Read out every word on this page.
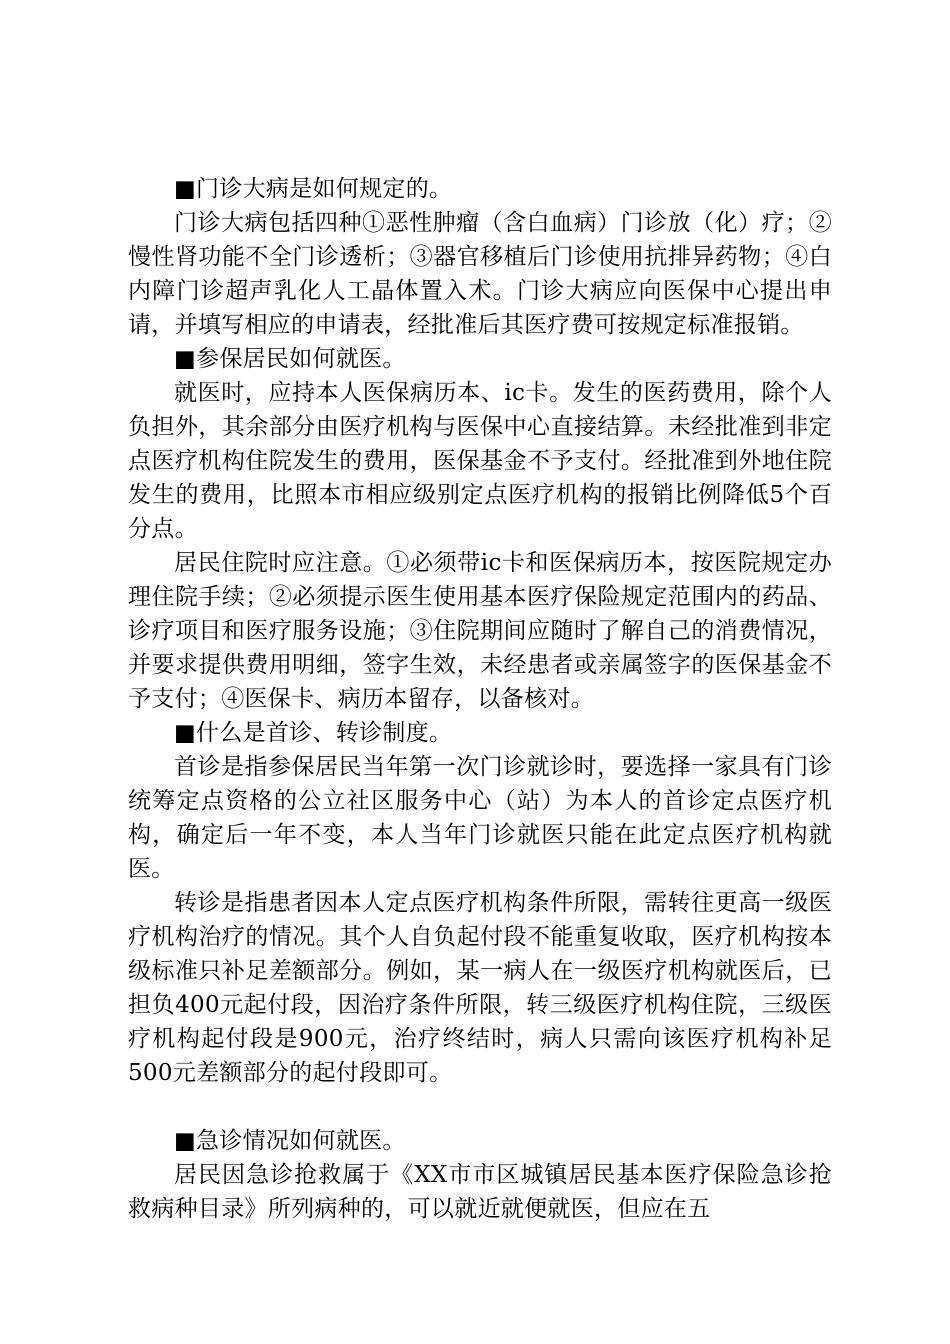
■门诊大病是如何规定的。

门诊大病包括四种①恶性肿瘤（含白血病）门诊放（化）疗；②慢性肾功能不全门诊透析；③器官移植后门诊使用抗排异药物；④白内障门诊超声乳化人工晶体置入术。门诊大病应向医保中心提出申请，并填写相应的申请表，经批准后其医疗费可按规定标准报销。

■参保居民如何就医。

就医时，应持本人医保病历本、ic卡。发生的医药费用，除个人负担外，其余部分由医疗机构与医保中心直接结算。未经批准到非定点医疗机构住院发生的费用，医保基金不予支付。经批准到外地住院发生的费用，比照本市相应级别定点医疗机构的报销比例降低5个百分点。

居民住院时应注意。①必须带ic卡和医保病历本，按医院规定办理住院手续；②必须提示医生使用基本医疗保险规定范围内的药品、诊疗项目和医疗服务设施；③住院期间应随时了解自己的消费情况，并要求提供费用明细，签字生效，未经患者或亲属签字的医保基金不予支付；④医保卡、病历本留存，以备核对。

■什么是首诊、转诊制度。

首诊是指参保居民当年第一次门诊就诊时，要选择一家具有门诊统筹定点资格的公立社区服务中心（站）为本人的首诊定点医疗机构，确定后一年不变，本人当年门诊就医只能在此定点医疗机构就医。

转诊是指患者因本人定点医疗机构条件所限，需转往更高一级医疗机构治疗的情况。其个人自负起付段不能重复收取，医疗机构按本级标准只补足差额部分。例如，某一病人在一级医疗机构就医后，已担负400元起付段，因治疗条件所限，转三级医疗机构住院，三级医疗机构起付段是900元，治疗终结时，病人只需向该医疗机构补足500元差额部分的起付段即可。

■急诊情况如何就医。

居民因急诊抢救属于《XX市市区城镇居民基本医疗保险急诊抢救病种目录》所列病种的，可以就近就便就医，但应在五
